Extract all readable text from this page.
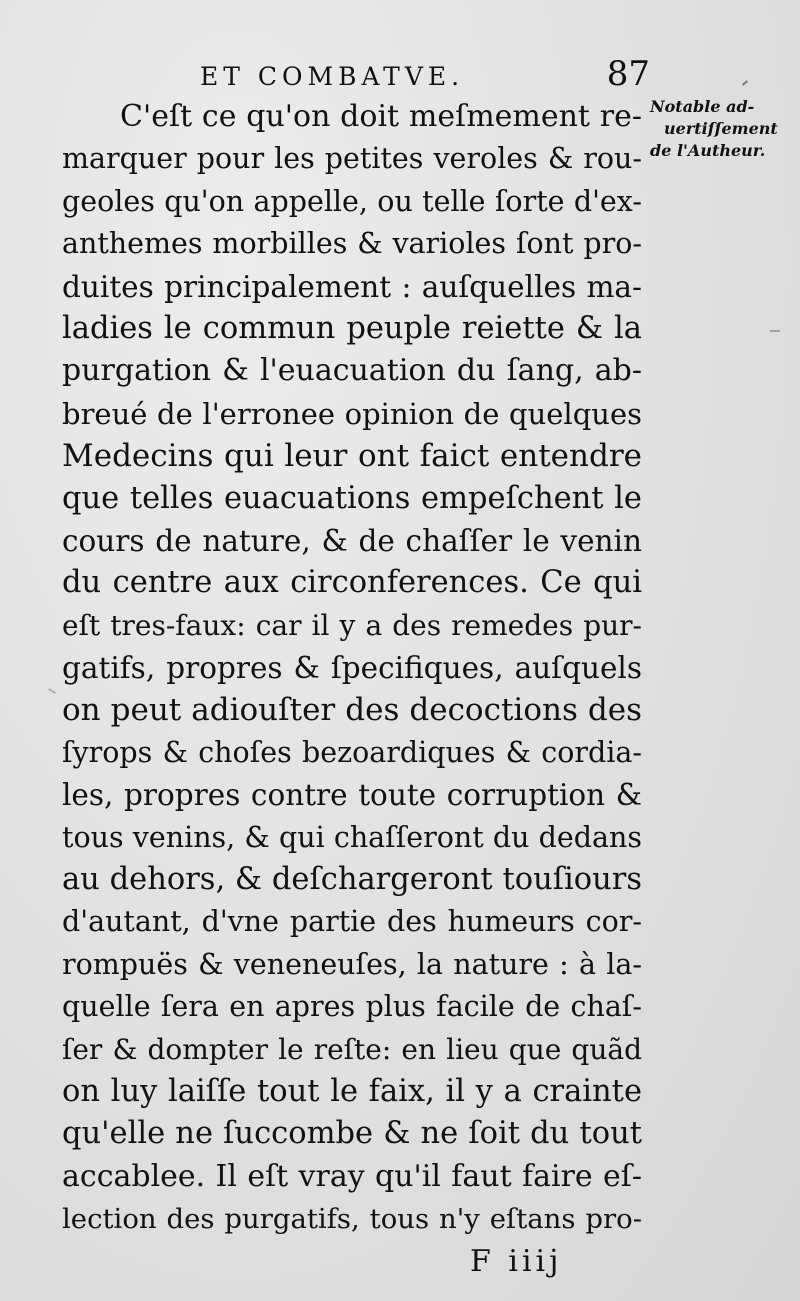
ET COMBATVE.	87
C'eſt ce qu'on doit meſmement re-
marquer pour les petites veroles & rou-
geoles qu'on appelle, ou telle ſorte d'ex-
anthemes morbilles & varioles ſont pro-
duites principalement : auſquelles ma-
ladies le commun peuple reiette & la
purgation & l'euacuation du ſang, ab-
breué de l'erronee opinion de quelques
Medecins qui leur ont faict entendre
que telles euacuations empeſchent le
cours de nature, & de chaſſer le venin
du centre aux circonferences. Ce qui
eſt tres-faux: car il y a des remedes pur-
gatifs, propres & ſpecifiques, auſquels
on peut adiouſter des decoctions des
ſyrops & choſes bezoardiques & cordia-
les, propres contre toute corruption &
tous venins, & qui chaſſeront du dedans
au dehors, & deſchargeront touſiours
d'autant, d'vne partie des humeurs cor-
rompuës & veneneuſes, la nature : à la-
quelle ſera en apres plus facile de chaſ-
ſer & dompter le reſte: en lieu que quãd
on luy laiſſe tout le faix, il y a crainte
qu'elle ne ſuccombe & ne ſoit du tout
accablee. Il eſt vray qu'il faut faire eſ-
lection des purgatifs, tous n'y eſtans pro-
Notable ad-
uertiſſement
de l'Autheur.
F iiij
